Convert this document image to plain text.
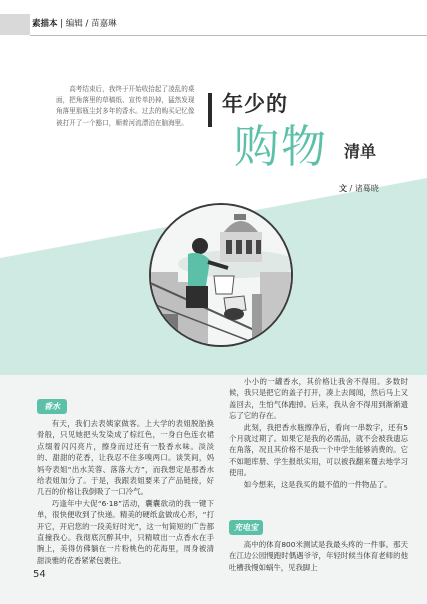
素描本 | 编辑 / 苗嘉琳

高考结束后，我终于开始收拾起了凌乱的桌面，把角落里的草稿纸、宣传单扔掉，猛然发现角落里那瓶尘封多年的香水。过去的购买记忆像被打开了一个豁口，顺着河流漂泊在脑海里。

年少的
购物 清单
文 / 诸蓦晓
香水

有天，我们去表姨家做客。上大学的表姐脱胎换骨般，只见她把头发染成了棕红色，一身白色连衣裙点缀着闪闪亮片，擦身而过还有一股香水味。淡淡的、甜甜的花香，让我忍不住多嗅两口。谈笑间，妈妈夸表姐“出水芙蓉、落落大方”，而我想定是那香水给表姐加分了。于是，我跟表姐要来了产品链接，好几百的价格让我倒吸了一口冷气。

巧逢年中大促“6·18”活动，囊囊欲动的我一键下单，很快便收到了快递。精美的硬纸盒做成心形，“打开它，开启您的一段美好时光”，这一句简短的广告都直撞我心。我彻底沉醉其中，只精喷出一点香水在手腕上，美得仿佛躺在一片粉桃色的花海里，周身被清甜淡雅的花香紧紧包裹住。

小小的一罐香水，其价格让我舍不得用。多数时候，我只是把它的盖子打开，凑上去闻闻，然后马上又盖回去，生怕气体跑掉。后来，我从舍不得用到渐渐遗忘了它的存在。

此刻，我把香水瓶擦净后，看向一串数字，还有5个月就过期了。如果它是我的必需品，就不会被我遗忘在角落，况且其价格不是我一个中学生能够消费的。它不如题库册、学生报纸实用，可以被我翻来覆去地学习使用。

如今想来，这是我买的最不值的一件物品了。

充电宝

高中的体育800米测试是我最头疼的一件事。那天在江边公园慢跑时偶遇爷爷，年轻时候当体育老师的他吐槽我慢如蜗牛，见我脚上

54
